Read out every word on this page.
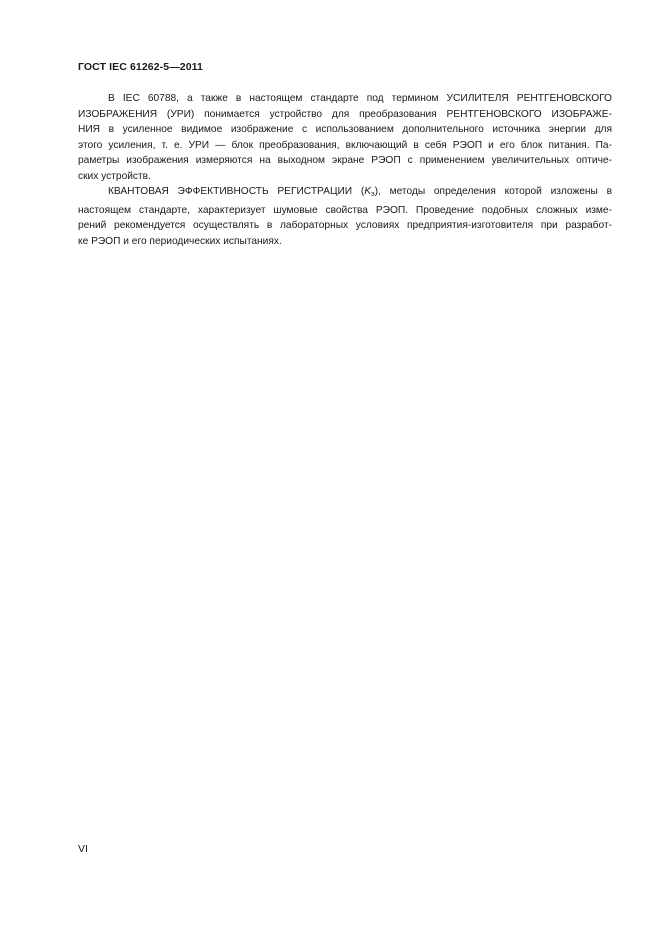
ГОСТ IEC 61262-5—2011
В IEC 60788, а также в настоящем стандарте под термином УСИЛИТЕЛЯ РЕНТГЕНОВСКОГО
ИЗОБРАЖЕНИЯ (УРИ) понимается устройство для преобразования РЕНТГЕНОВСКОГО ИЗОБРАЖЕ-
НИЯ в усиленное видимое изображение с использованием дополнительного источника энергии для
этого усиления, т. е. УРИ — блок преобразования, включающий в себя РЭОП и его блок питания. Па-
раметры изображения измеряются на выходном экране РЭОП с применением увеличительных оптиче-
ских устройств.
КВАНТОВАЯ ЭФФЕКТИВНОСТЬ РЕГИСТРАЦИИ $(K_э)$, методы определения которой изложены в
настоящем стандарте, характеризует шумовые свойства РЭОП. Проведение подобных сложных изме-
рений рекомендуется осуществлять в лабораторных условиях предприятия-изготовителя при разработ-
ке РЭОП и его периодических испытаниях.
VI
